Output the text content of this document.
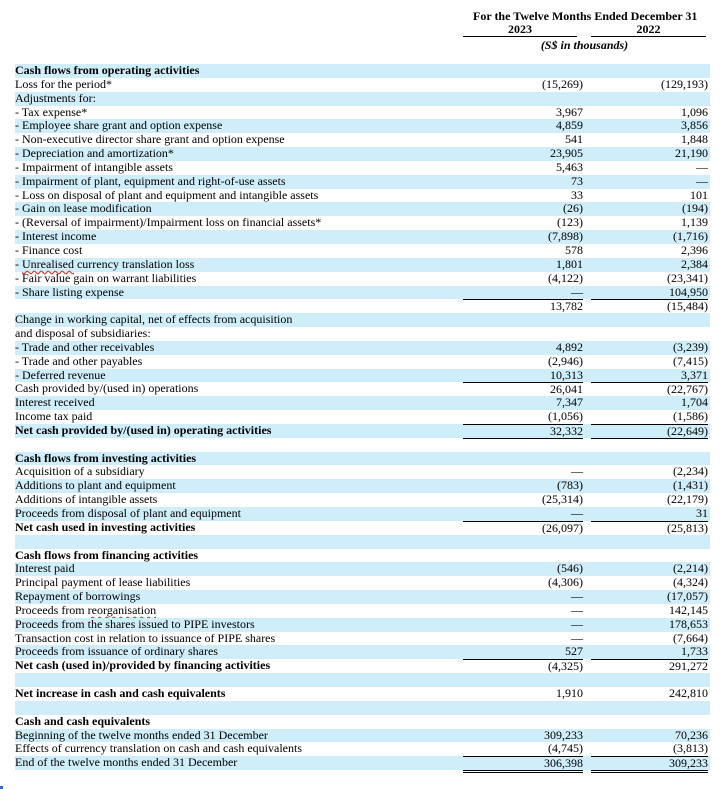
For the Twelve Months Ended December 31
2023	2022
(S$ in thousands)
Cash flows from operating activities
Loss for the period*	(15,269)	(129,193)
Adjustments for:
- Tax expense*	3,967	1,096
- Employee share grant and option expense	4,859	3,856
- Non-executive director share grant and option expense	541	1,848
- Depreciation and amortization*	23,905	21,190
- Impairment of intangible assets	5,463	—
- Impairment of plant, equipment and right-of-use assets	73	—
- Loss on disposal of plant and equipment and intangible assets	33	101
- Gain on lease modification	(26)	(194)
- (Reversal of impairment)/Impairment loss on financial assets*	(123)	1,139
- Interest income	(7,898)	(1,716)
- Finance cost	578	2,396
- Unrealised currency translation loss	1,801	2,384
- Fair value gain on warrant liabilities	(4,122)	(23,341)
- Share listing expense	—	104,950
13,782	(15,484)
Change in working capital, net of effects from acquisition
and disposal of subsidiaries:
- Trade and other receivables	4,892	(3,239)
- Trade and other payables	(2,946)	(7,415)
- Deferred revenue	10,313	3,371
Cash provided by/(used in) operations	26,041	(22,767)
Interest received	7,347	1,704
Income tax paid	(1,056)	(1,586)
Net cash provided by/(used in) operating activities	32,332	(22,649)
Cash flows from investing activities
Acquisition of a subsidiary	—	(2,234)
Additions to plant and equipment	(783)	(1,431)
Additions of intangible assets	(25,314)	(22,179)
Proceeds from disposal of plant and equipment	—	31
Net cash used in investing activities	(26,097)	(25,813)
Cash flows from financing activities
Interest paid	(546)	(2,214)
Principal payment of lease liabilities	(4,306)	(4,324)
Repayment of borrowings	—	(17,057)
Proceeds from reorganisation	—	142,145
Proceeds from the shares issued to PIPE investors	—	178,653
Transaction cost in relation to issuance of PIPE shares	—	(7,664)
Proceeds from issuance of ordinary shares	527	1,733
Net cash (used in)/provided by financing activities	(4,325)	291,272
Net increase in cash and cash equivalents	1,910	242,810
Cash and cash equivalents
Beginning of the twelve months ended 31 December	309,233	70,236
Effects of currency translation on cash and cash equivalents	(4,745)	(3,813)
End of the twelve months ended 31 December	306,398	309,233
